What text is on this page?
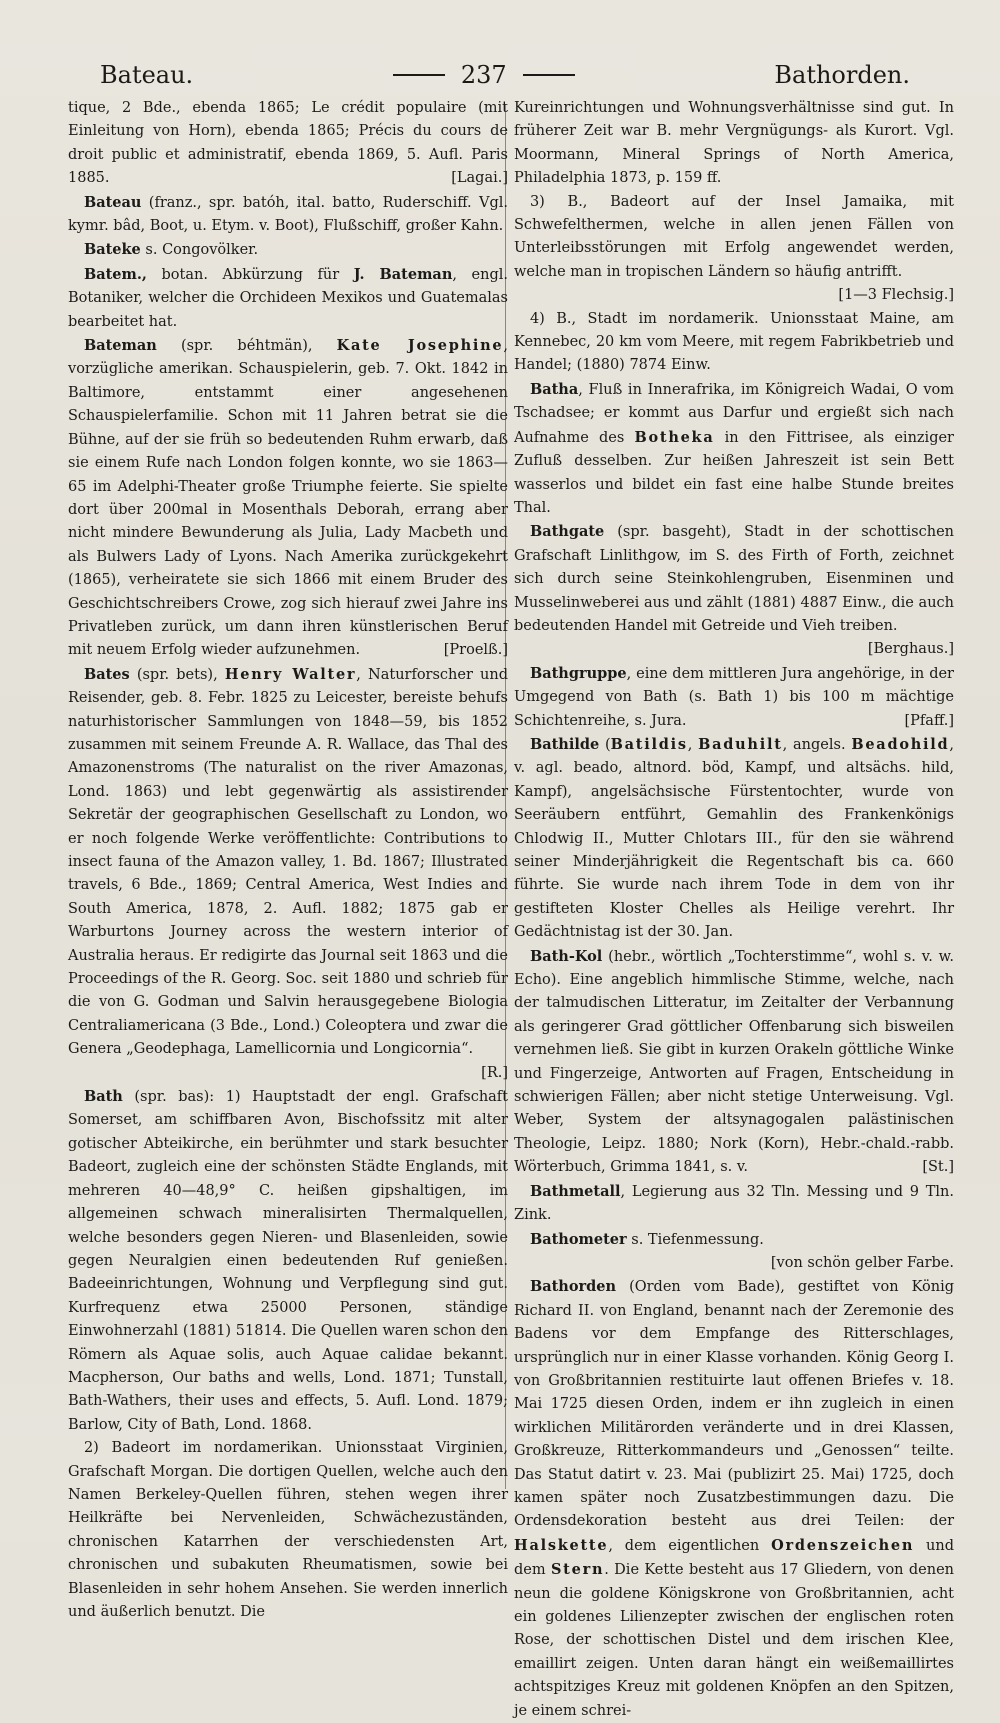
Bateau.	237	Bathorden.

tique, 2 Bde., ebenda 1865; Le crédit populaire (mit Einleitung von Horn), ebenda 1865; Précis du cours de droit public et administratif, ebenda 1869, 5. Aufl. Paris 1885.	[Lagai.]

Bateau (franz., spr. batóh, ital. batto, Ruderschiff. Vgl. kymr. bâd, Boot, u. Etym. v. Boot), Flußschiff, großer Kahn.

Bateke s. Congovölker.

Batem., botan. Abkürzung für J. Bateman, engl. Botaniker, welcher die Orchideen Mexikos und Guatemalas bearbeitet hat.

Bateman (spr. béhtmän), Kate Josephine, vorzügliche amerikan. Schauspielerin, geb. 7. Okt. 1842 in Baltimore, entstammt einer angesehenen Schauspielerfamilie. Schon mit 11 Jahren betrat sie die Bühne, auf der sie früh so bedeutenden Ruhm erwarb, daß sie einem Rufe nach London folgen konnte, wo sie 1863—65 im Adelphi-Theater große Triumphe feierte. Sie spielte dort über 200mal in Mosenthals Deborah, errang aber nicht mindere Bewunderung als Julia, Lady Macbeth und als Bulwers Lady of Lyons. Nach Amerika zurückgekehrt (1865), verheiratete sie sich 1866 mit einem Bruder des Geschichtschreibers Crowe, zog sich hierauf zwei Jahre ins Privatleben zurück, um dann ihren künstlerischen Beruf mit neuem Erfolg wieder aufzunehmen.	[Proelß.]

Bates (spr. bets), Henry Walter, Naturforscher und Reisender, geb. 8. Febr. 1825 zu Leicester, bereiste behufs naturhistorischer Sammlungen von 1848—59, bis 1852 zusammen mit seinem Freunde A. R. Wallace, das Thal des Amazonenstroms (The naturalist on the river Amazonas, Lond. 1863) und lebt gegenwärtig als assistirender Sekretär der geographischen Gesellschaft zu London, wo er noch folgende Werke veröffentlichte: Contributions to insect fauna of the Amazon valley, 1. Bd. 1867; Illustrated travels, 6 Bde., 1869; Central America, West Indies and South America, 1878, 2. Aufl. 1882; 1875 gab er Warburtons Journey across the western interior of Australia heraus. Er redigirte das Journal seit 1863 und die Proceedings of the R. Georg. Soc. seit 1880 und schrieb für die von G. Godman und Salvin herausgegebene Biologia Centraliamericana (3 Bde., Lond.) Coleoptera und zwar die Genera „Geodephaga, Lamellicornia und Longicornia“.
[R.]

Bath (spr. bas): 1) Hauptstadt der engl. Grafschaft Somerset, am schiffbaren Avon, Bischofssitz mit alter gotischer Abteikirche, ein berühmter und stark besuchter Badeort, zugleich eine der schönsten Städte Englands, mit mehreren 40—48,9° C. heißen gipshaltigen, im allgemeinen schwach mineralisirten Thermalquellen, welche besonders gegen Nieren- und Blasenleiden, sowie gegen Neuralgien einen bedeutenden Ruf genießen. Badeeinrichtungen, Wohnung und Verpflegung sind gut. Kurfrequenz etwa 25000 Personen, ständige Einwohnerzahl (1881) 51814. Die Quellen waren schon den Römern als Aquae solis, auch Aquae calidae bekannt. Macpherson, Our baths and wells, Lond. 1871; Tunstall, Bath-Wathers, their uses and effects, 5. Aufl. Lond. 1879; Barlow, City of Bath, Lond. 1868.

2) Badeort im nordamerikan. Unionsstaat Virginien, Grafschaft Morgan. Die dortigen Quellen, welche auch den Namen Berkeley-Quellen führen, stehen wegen ihrer Heilkräfte bei Nervenleiden, Schwächezuständen, chronischen Katarrhen der verschiedensten Art, chronischen und subakuten Rheumatismen, sowie bei Blasenleiden in sehr hohem Ansehen. Sie werden innerlich und äußerlich benutzt. Die

Kureinrichtungen und Wohnungsverhältnisse sind gut. In früherer Zeit war B. mehr Vergnügungs- als Kurort. Vgl. Moormann, Mineral Springs of North America, Philadelphia 1873, p. 159 ff.

3) B., Badeort auf der Insel Jamaika, mit Schwefelthermen, welche in allen jenen Fällen von Unterleibsstörungen mit Erfolg angewendet werden, welche man in tropischen Ländern so häufig antrifft.
[1—3 Flechsig.]

4) B., Stadt im nordamerik. Unionsstaat Maine, am Kennebec, 20 km vom Meere, mit regem Fabrikbetrieb und Handel; (1880) 7874 Einw.

Batha, Fluß in Innerafrika, im Königreich Wadai, O vom Tschadsee; er kommt aus Darfur und ergießt sich nach Aufnahme des Botheka in den Fittrisee, als einziger Zufluß desselben. Zur heißen Jahreszeit ist sein Bett wasserlos und bildet ein fast eine halbe Stunde breites Thal.

Bathgate (spr. basgeht), Stadt in der schottischen Grafschaft Linlithgow, im S. des Firth of Forth, zeichnet sich durch seine Steinkohlengruben, Eisenminen und Musselinweberei aus und zählt (1881) 4887 Einw., die auch bedeutenden Handel mit Getreide und Vieh treiben.
[Berghaus.]

Bathgruppe, eine dem mittleren Jura angehörige, in der Umgegend von Bath (s. Bath 1) bis 100 m mächtige Schichtenreihe, s. Jura.	[Pfaff.]

Bathilde (Batildis, Baduhilt, angels. Beadohild, v. agl. beado, altnord. böd, Kampf, und altsächs. hild, Kampf), angelsächsische Fürstentochter, wurde von Seeräubern entführt, Gemahlin des Frankenkönigs Chlodwig II., Mutter Chlotars III., für den sie während seiner Minderjährigkeit die Regentschaft bis ca. 660 führte. Sie wurde nach ihrem Tode in dem von ihr gestifteten Kloster Chelles als Heilige verehrt. Ihr Gedächtnistag ist der 30. Jan.

Bath-Kol (hebr., wörtlich „Tochterstimme“, wohl s. v. w. Echo). Eine angeblich himmlische Stimme, welche, nach der talmudischen Litteratur, im Zeitalter der Verbannung als geringerer Grad göttlicher Offenbarung sich bisweilen vernehmen ließ. Sie gibt in kurzen Orakeln göttliche Winke und Fingerzeige, Antworten auf Fragen, Entscheidung in schwierigen Fällen; aber nicht stetige Unterweisung. Vgl. Weber, System der altsynagogalen palästinischen Theologie, Leipz. 1880; Nork (Korn), Hebr.-chald.-rabb. Wörterbuch, Grimma 1841, s. v.	[St.]

Bathmetall, Legierung aus 32 Tln. Messing und 9 Tln. Zink.

Bathometer s. Tiefenmessung.
[von schön gelber Farbe.

Bathorden (Orden vom Bade), gestiftet von König Richard II. von England, benannt nach der Zeremonie des Badens vor dem Empfange des Ritterschlages, ursprünglich nur in einer Klasse vorhanden. König Georg I. von Großbritannien restituirte laut offenen Briefes v. 18. Mai 1725 diesen Orden, indem er ihn zugleich in einen wirklichen Militärorden veränderte und in drei Klassen, Großkreuze, Ritterkommandeurs und „Genossen“ teilte. Das Statut datirt v. 23. Mai (publizirt 25. Mai) 1725, doch kamen später noch Zusatzbestimmungen dazu. Die Ordensdekoration besteht aus drei Teilen: der Halskette, dem eigentlichen Ordenszeichen und dem Stern. Die Kette besteht aus 17 Gliedern, von denen neun die goldene Königskrone von Großbritannien, acht ein goldenes Lilienzepter zwischen der englischen roten Rose, der schottischen Distel und dem irischen Klee, emaillirt zeigen. Unten daran hängt ein weißemaillirtes achtspitziges Kreuz mit goldenen Knöpfen an den Spitzen, je einem schrei-
